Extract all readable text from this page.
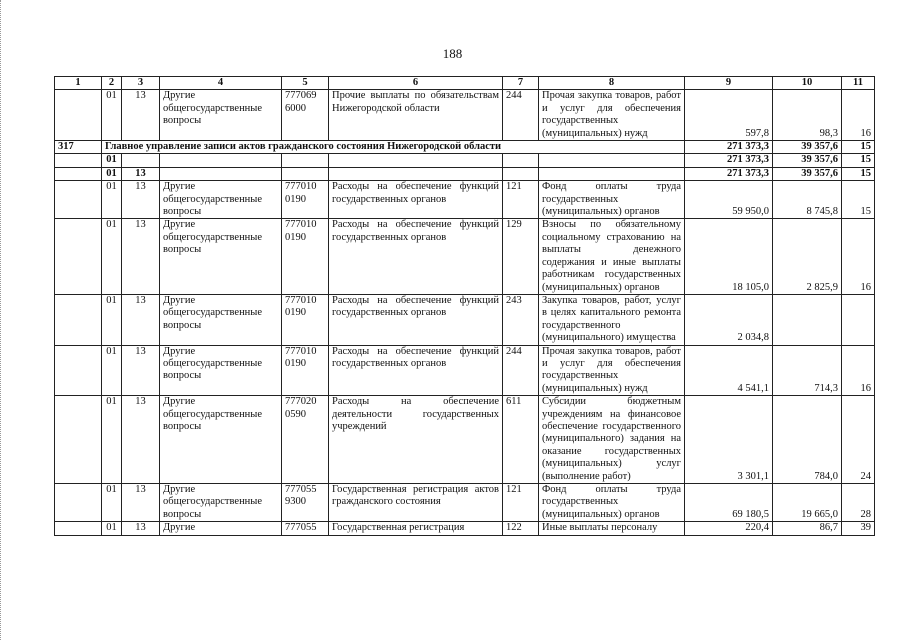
188
1	2	3	4	5	6	7	8	9	10	11
	01	13	Другие общегосударственные вопросы	777069 6000	Прочие выплаты по обязательствам Нижегородской области	244	Прочая закупка товаров, работ и услуг для обеспечения государственных (муниципальных) нужд	597,8	98,3	16
317	Главное управление записи актов гражданского состояния Нижегородской области							271 373,3	39 357,6	15
	01							271 373,3	39 357,6	15
	01	13						271 373,3	39 357,6	15
	01	13	Другие общегосударственные вопросы	777010 0190	Расходы на обеспечение функций государственных органов	121	Фонд оплаты труда государственных (муниципальных) органов	59 950,0	8 745,8	15
	01	13	Другие общегосударственные вопросы	777010 0190	Расходы на обеспечение функций государственных органов	129	Взносы по обязательному социальному страхованию на выплаты денежного содержания и иные выплаты работникам государственных (муниципальных) органов	18 105,0	2 825,9	16
	01	13	Другие общегосударственные вопросы	777010 0190	Расходы на обеспечение функций государственных органов	243	Закупка товаров, работ, услуг в целях капитального ремонта государственного (муниципального) имущества	2 034,8		
	01	13	Другие общегосударственные вопросы	777010 0190	Расходы на обеспечение функций государственных органов	244	Прочая закупка товаров, работ и услуг для обеспечения государственных (муниципальных) нужд	4 541,1	714,3	16
	01	13	Другие общегосударственные вопросы	777020 0590	Расходы на обеспечение деятельности государственных учреждений	611	Субсидии бюджетным учреждениям на финансовое обеспечение государственного (муниципального) задания на оказание государственных (муниципальных) услуг (выполнение работ)	3 301,1	784,0	24
	01	13	Другие общегосударственные вопросы	777055 9300	Государственная регистрация актов гражданского состояния	121	Фонд оплаты труда государственных (муниципальных) органов	69 180,5	19 665,0	28
	01	13	Другие	777055	Государственная регистрация	122	Иные выплаты персоналу	220,4	86,7	39
